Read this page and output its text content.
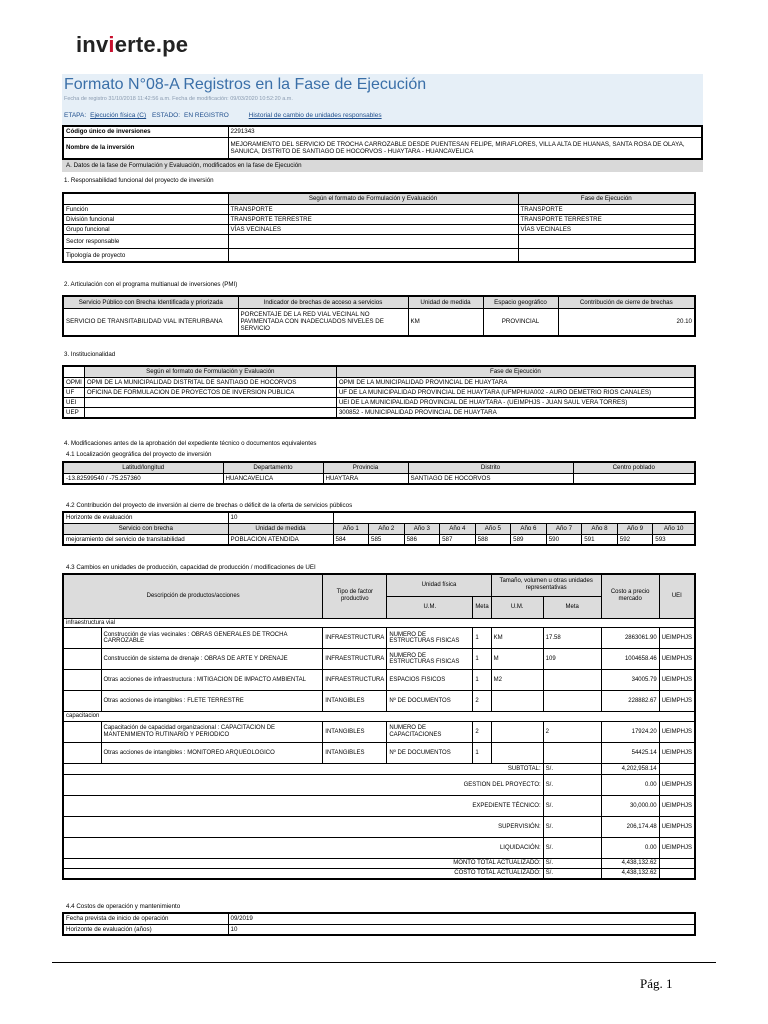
invierte.pe
Formato N°08-A Registros en la Fase de Ejecución
Fecha de registro 31/10/2018 11:42:56 a.m. Fecha de modificación: 09/03/2020 10:52:20 a.m.
ETAPA: Ejecución física (C) ESTADO: EN REGISTRO	Historial de cambio de unidades responsables
Código único de inversiones	2291343
Nombre de la inversión	MEJORAMIENTO DEL SERVICIO DE TROCHA CARROZABLE DESDE PUENTESAN FELIPE, MIRAFLORES, VILLA ALTA DE HUANAS, SANTA ROSA DE OLAYA, SANUICA, DISTRITO DE SANTIAGO DE HOCORVOS - HUAYTARA - HUANCAVELICA
A. Datos de la fase de Formulación y Evaluación, modificados en la fase de Ejecución
1. Responsabilidad funcional del proyecto de inversión
	Según el formato de Formulación y Evaluación	Fase de Ejecución
Función	TRANSPORTE	TRANSPORTE
División funcional	TRANSPORTE TERRESTRE	TRANSPORTE TERRESTRE
Grupo funcional	VÍAS VECINALES	VÍAS VECINALES
Sector responsable		
Tipología de proyecto		
2. Articulación con el programa multianual de inversiones (PMI)
Servicio Público con Brecha Identificada y priorizada	Indicador de brechas de acceso a servicios	Unidad de medida	Espacio geográfico	Contribución de cierre de brechas
SERVICIO DE TRANSITABILIDAD VIAL INTERURBANA	PORCENTAJE DE LA RED VIAL VECINAL NO PAVIMENTADA CON INADECUADOS NIVELES DE SERVICIO	KM	PROVINCIAL	20.10
3. Institucionalidad
	Según el formato de Formulación y Evaluación	Fase de Ejecución
OPMI	OPMI DE LA MUNICIPALIDAD DISTRITAL DE SANTIAGO DE HOCORVOS	OPMI DE LA MUNICIPALIDAD PROVINCIAL DE HUAYTARA
UF	OFICINA DE FORMULACION DE PROYECTOS DE INVERSION PUBLICA	UF DE LA MUNICIPALIDAD PROVINCIAL DE HUAYTARA (UFMPHUA002 - AURO DEMETRIO RIOS CANALES)
UEI		UEI DE LA MUNICIPALIDAD PROVINCIAL DE HUAYTARA - (UEIMPHJS - JUAN SAUL VERA TORRES)
UEP		300852 - MUNICIPALIDAD PROVINCIAL DE HUAYTARA
4. Modificaciones antes de la aprobación del expediente técnico o documentos equivalentes
4.1 Localización geográfica del proyecto de inversión
Latitud/longitud	Departamento	Provincia	Distrito	Centro poblado
-13.82599540 / -75.257360	HUANCAVELICA	HUAYTARA	SANTIAGO DE HOCORVOS	
4.2 Contribución del proyecto de inversión al cierre de brechas o déficit de la oferta de servicios públicos
Horizonte de evaluación	10										
Servicio con brecha	Unidad de medida	Año 1	Año 2	Año 3	Año 4	Año 5	Año 6	Año 7	Año 8	Año 9	Año 10
mejoramiento del servicio de transitabilidad	POBLACION ATENDIDA	584	585	586	587	588	589	590	591	592	593
4.3 Cambios en unidades de producción, capacidad de producción / modificaciones de UEI
Descripción de productos/acciones		Tipo de factor productivo	Unidad física		Tamaño, volumen u otras unidades representativas		Costo a precio mercado	UEI
			U.M.	Meta	U.M.	Meta		
infraestructura vial								
	Construcción de vías vecinales : OBRAS GENERALES DE TROCHA CARROZABLE	INFRAESTRUCTURA	NUMERO DE ESTRUCTURAS FISICAS	1	KM	17.58	2863061.90	UEIMPHJS
	Construcción de sistema de drenaje : OBRAS DE ARTE Y DRENAJE	INFRAESTRUCTURA	NUMERO DE ESTRUCTURAS FISICAS	1	M	109	1004658.46	UEIMPHJS
	Otras acciones de infraestructura : MITIGACION DE IMPACTO AMBIENTAL	INFRAESTRUCTURA	ESPACIOS FISICOS	1	M2		34005.79	UEIMPHJS
	Otras acciones de intangibles : FLETE TERRESTRE	INTANGIBLES	Nº DE DOCUMENTOS	2			228882.67	UEIMPHJS
capacitacion								
	Capacitación de capacidad organizacional : CAPACITACION DE MANTENIMIENTO RUTINARIO Y PERIODICO	INTANGIBLES	NUMERO DE CAPACITACIONES	2		2	17924.20	UEIMPHJS
	Otras acciones de intangibles : MONITOREO ARQUEOLOGICO	INTANGIBLES	Nº DE DOCUMENTOS	1			54425.14	UEIMPHJS
SUBTOTAL:						S/.	4,202,958.14	
GESTION DEL PROYECTO:						S/.	0.00	UEIMPHJS
EXPEDIENTE TÉCNICO:						S/.	30,000.00	UEIMPHJS
SUPERVISIÓN:						S/.	206,174.48	UEIMPHJS
LIQUIDACIÓN:						S/.	0.00	UEIMPHJS
MONTO TOTAL ACTUALIZADO:						S/.	4,438,132.62	
COSTO TOTAL ACTUALIZADO:						S/.	4,438,132.62	
4.4 Costos de operación y mantenimiento
Fecha prevista de inicio de operación	09/2019
Horizonte de evaluación (años)	10
Pág. 1
